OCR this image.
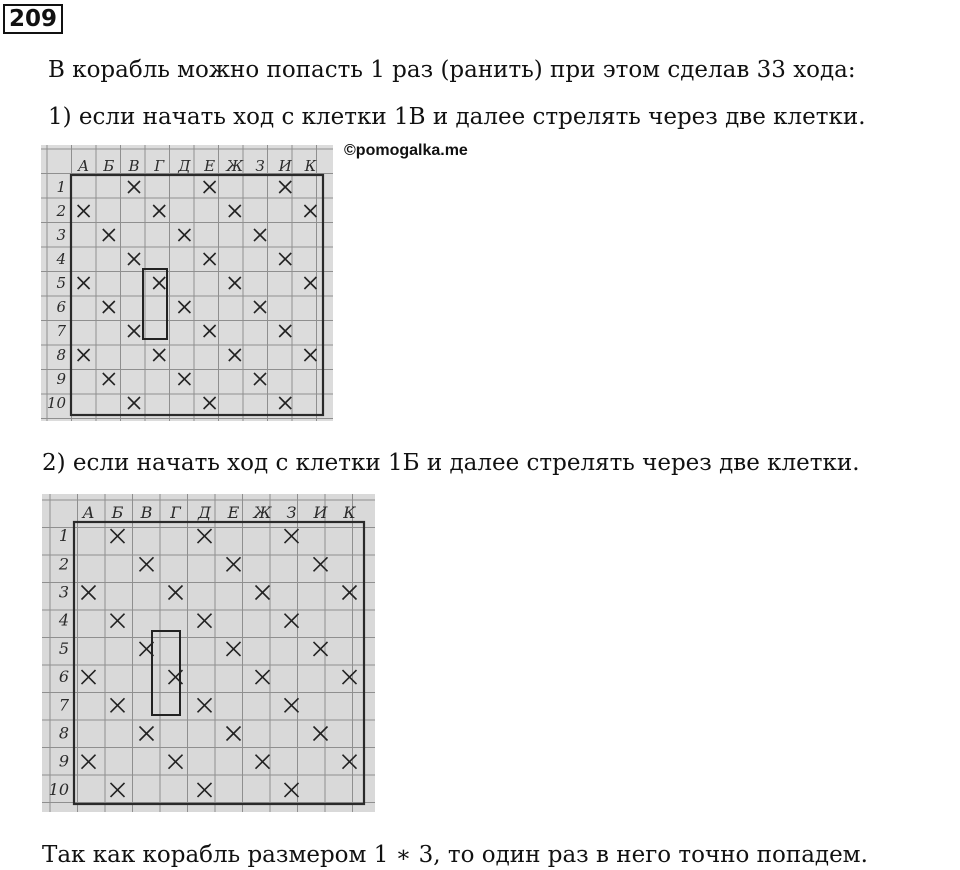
209
В корабль можно попасть 1 раз (ранить) при этом сделав 33 хода:
1) если начать ход с клетки 1В и далее стрелять через две клетки.
А Б В Г Д Е Ж З И К
1
2
3
4
5
6
7
8
9
10
©pomogalka.me
2) если начать ход с клетки 1Б и далее стрелять через две клетки.
А Б В Г Д Е Ж З И К
1
2
3
4
5
6
7
8
9
10
Так как корабль размером 1 ∗ 3, то один раз в него точно попадем.
